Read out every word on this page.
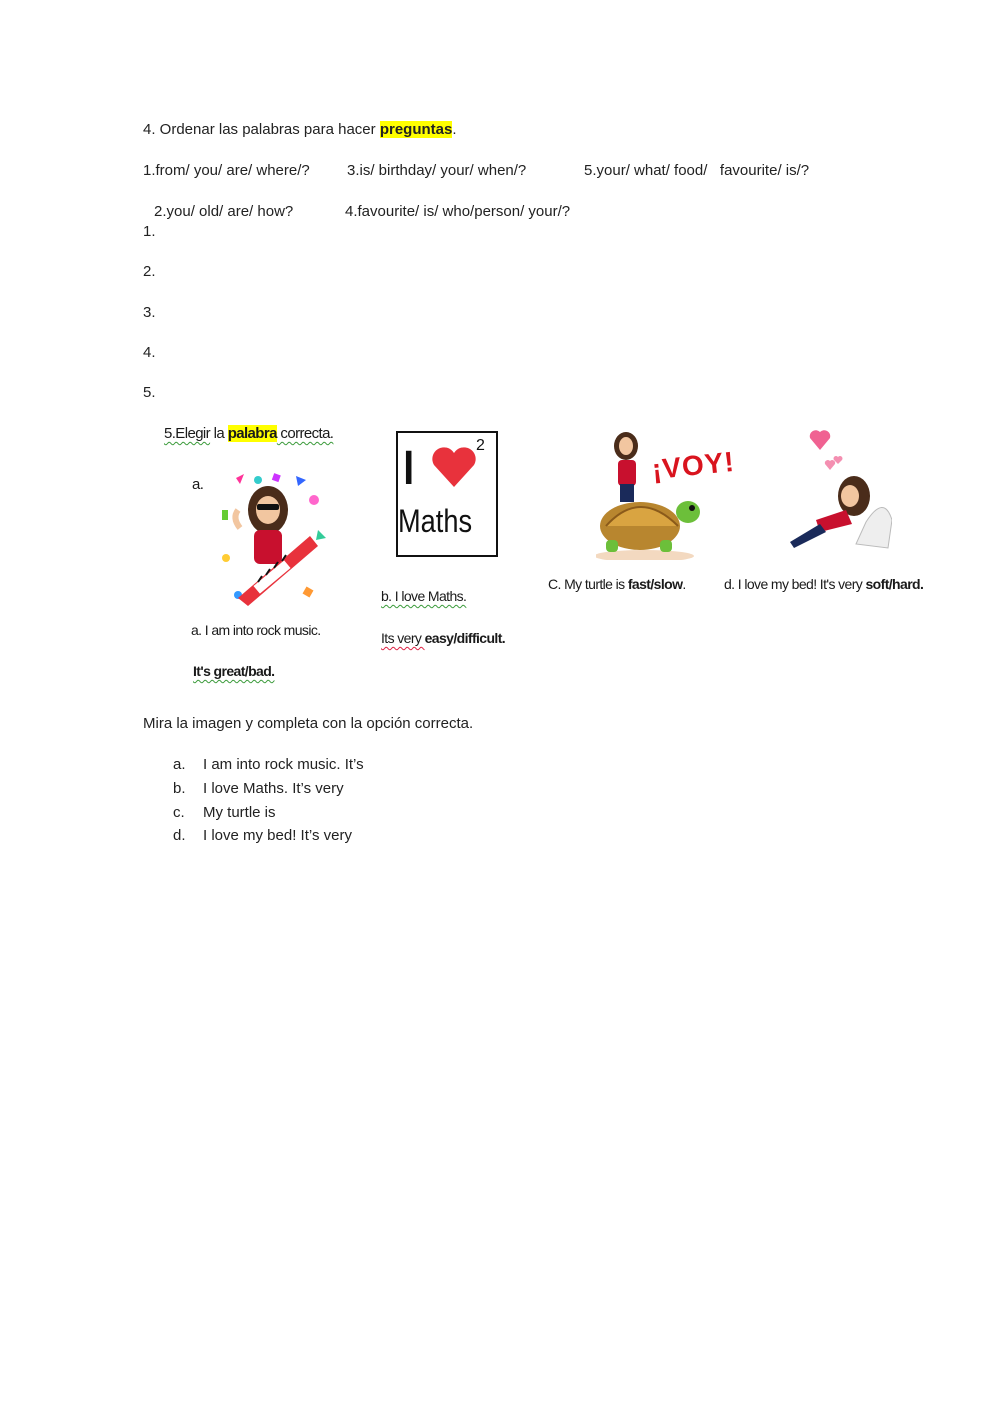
4. Ordenar las palabras para hacer preguntas.
1.from/ you/ are/ where/? 3.is/ birthday/ your/ when/?	5.your/ what/ food/   favourite/ is/?
2.you/ old/ are/ how?	4.favourite/ is/ who/person/ your/?
1.
2.
3.
4.
5.
5.Elegir la palabra correcta.
a.
a. I am into rock music.
It's great/bad.
I	2
Maths
b. I love Maths.
Its very easy/difficult.
¡VOY!
C. My turtle is fast/slow.	d. I love my bed! It's very soft/hard.
Mira la imagen y completa con la opción correcta.
a. I am into rock music. It’s
b. I love Maths. It’s very
c. My turtle is
d. I love my bed! It’s very
